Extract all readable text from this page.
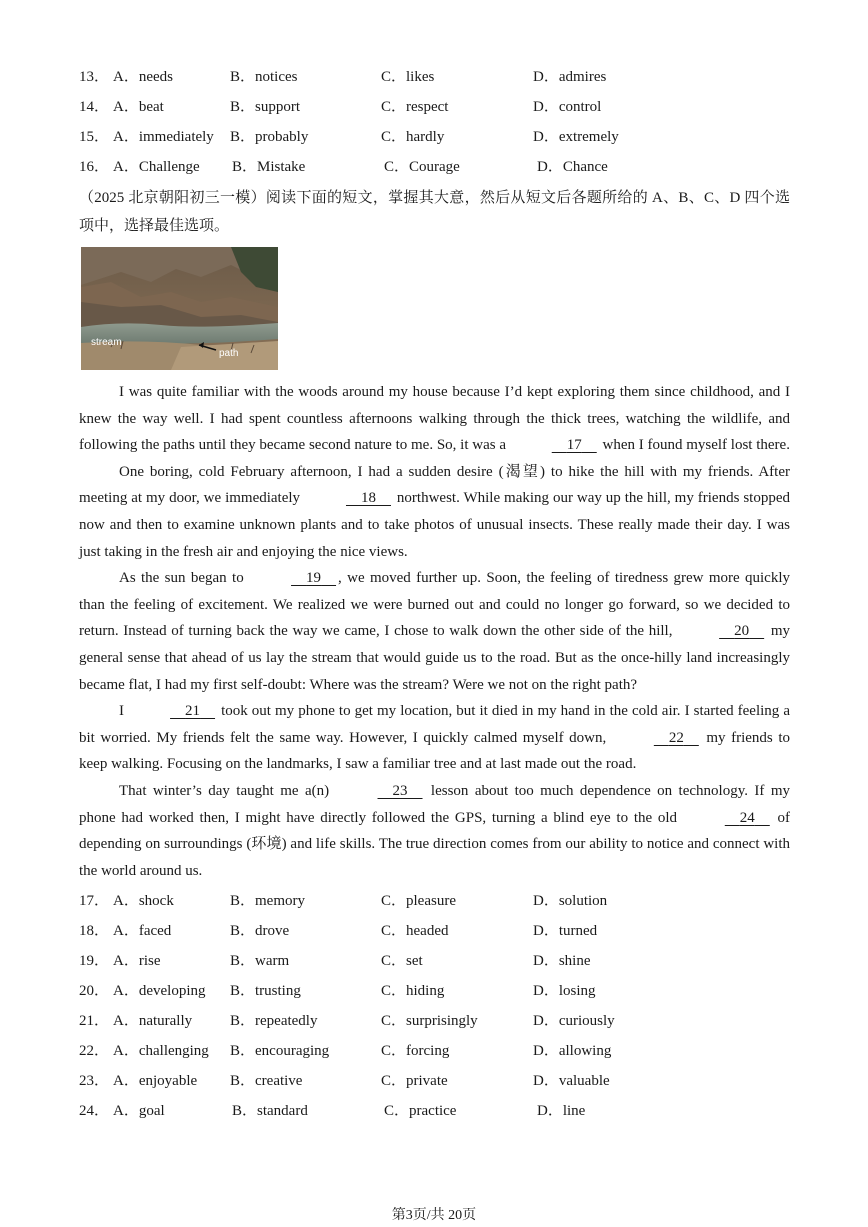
13． A．needs	B．notices	C．likes	D．admires
14． A．beat	B．support	C．respect	D．control
15． A．immediately B．probably	C．hardly	D．extremely
16． A．Challenge B．Mistake	C．Courage	D．Chance
（2025 北京朝阳初三一模）阅读下面的短文，掌握其大意，然后从短文后各题所给的 A、B、C、D 四个选项中，选择最佳选项。
stream
path

I was quite familiar with the woods around my house because I’d kept exploring them since childhood, and I knew the way well. I had spent countless afternoons walking through the thick trees, watching the wildlife, and following the paths until they became second nature to me. So, it was a	17     when I found myself lost there.

One boring, cold February afternoon, I had a sudden desire (渴望) to hike the hill with my friends. After meeting at my door, we immediately	18     northwest. While making our way up the hill, my friends stopped now and then to examine unknown plants and to take photos of unusual insects. These really made their day. I was just taking in the fresh air and enjoying the nice views.

As the sun began to	19 , we moved further up. Soon, the feeling of tiredness grew more quickly than the feeling of excitement. We realized we were burned out and could no longer go forward, so we decided to return. Instead of turning back the way we came, I chose to walk down the other side of the hill,	20     my general sense that ahead of us lay the stream that would guide us to the road. But as the once-hilly land increasingly became flat, I had my first self-doubt: Where was the stream? Were we not on the right path?

I	21     took out my phone to get my location, but it died in my hand in the cold air. I started feeling a bit worried. My friends felt the same way. However, I quickly calmed myself down,	22     my friends to keep walking. Focusing on the landmarks, I saw a familiar tree and at last made out the road.

That winter’s day taught me a(n)	23     lesson about too much dependence on technology. If my phone had worked then, I might have directly followed the GPS, turning a blind eye to the old	24     of depending on surroundings (环境) and life skills. The true direction comes from our ability to notice and connect with the world around us.

17． A．shock	B．memory	C．pleasure	D．solution
18． A．faced	B．drove	C．headed	D．turned
19． A．rise	B．warm	C．set	D．shine
20． A．developing B．trusting	C．hiding	D．losing
21． A．naturally	B．repeatedly	C．surprisingly	D．curiously
22． A．challenging B．encouraging	C．forcing	D．allowing
23． A．enjoyable B．creative	C．private	D．valuable
24． A．goal	B．standard	C．practice	D．line
第3页/共 20页
